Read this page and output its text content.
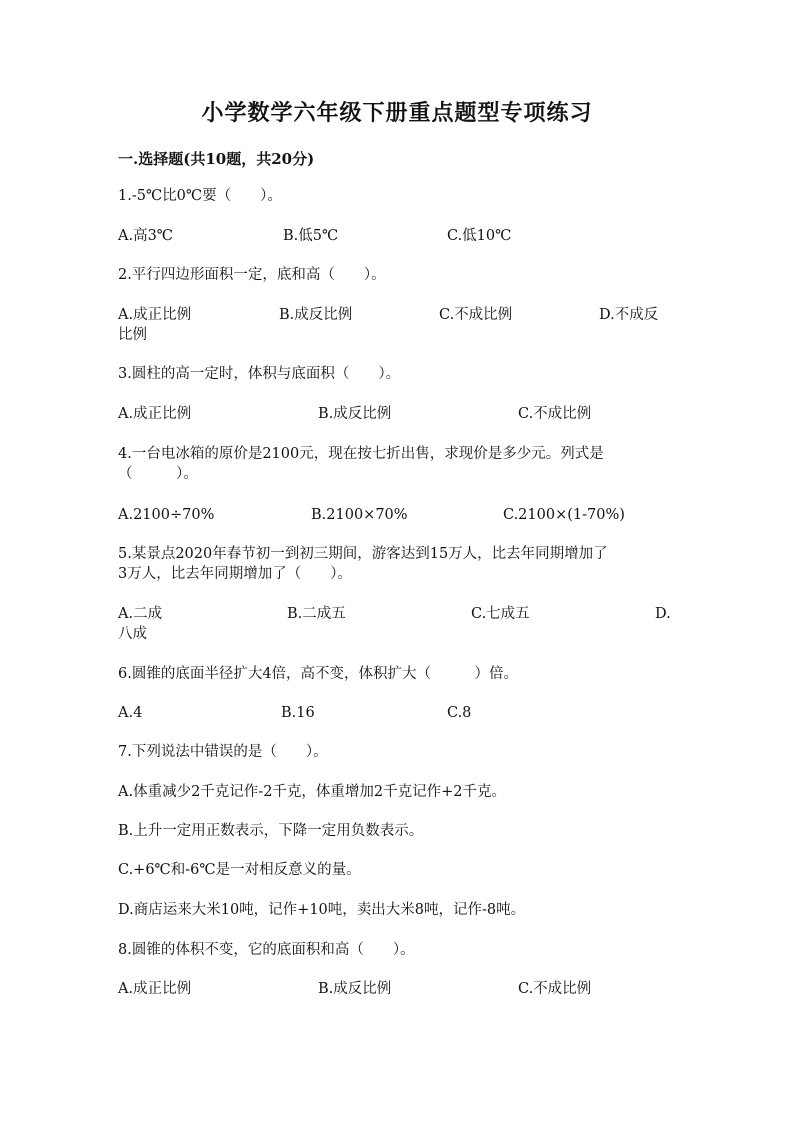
小学数学六年级下册重点题型专项练习
一.选择题(共10题，共20分)
1.-5℃比0℃要（　　）。
A.高3℃	B.低5℃	C.低10℃
2.平行四边形面积一定，底和高（　　）。
A.成正比例	B.成反比例	C.不成比例	D.不成反
比例
3.圆柱的高一定时，体积与底面积（　　）。
A.成正比例	B.成反比例	C.不成比例
4.一台电冰箱的原价是2100元，现在按七折出售，求现价是多少元。列式是
（　　　）。
A.2100÷70%	B.2100×70%	C.2100×(1-70%)
5.某景点2020年春节初一到初三期间，游客达到15万人，比去年同期增加了
3万人，比去年同期增加了（　　）。
A.二成	B.二成五	C.七成五	D.
八成
6.圆锥的底面半径扩大4倍，高不变，体积扩大（　　　）倍。
A.4	B.16	C.8
7.下列说法中错误的是（　　）。
A.体重减少2千克记作-2千克，体重增加2千克记作+2千克。
B.上升一定用正数表示，下降一定用负数表示。
C.+6℃和-6℃是一对相反意义的量。
D.商店运来大米10吨，记作+10吨，卖出大米8吨，记作-8吨。
8.圆锥的体积不变，它的底面积和高（　　）。
A.成正比例	B.成反比例	C.不成比例
